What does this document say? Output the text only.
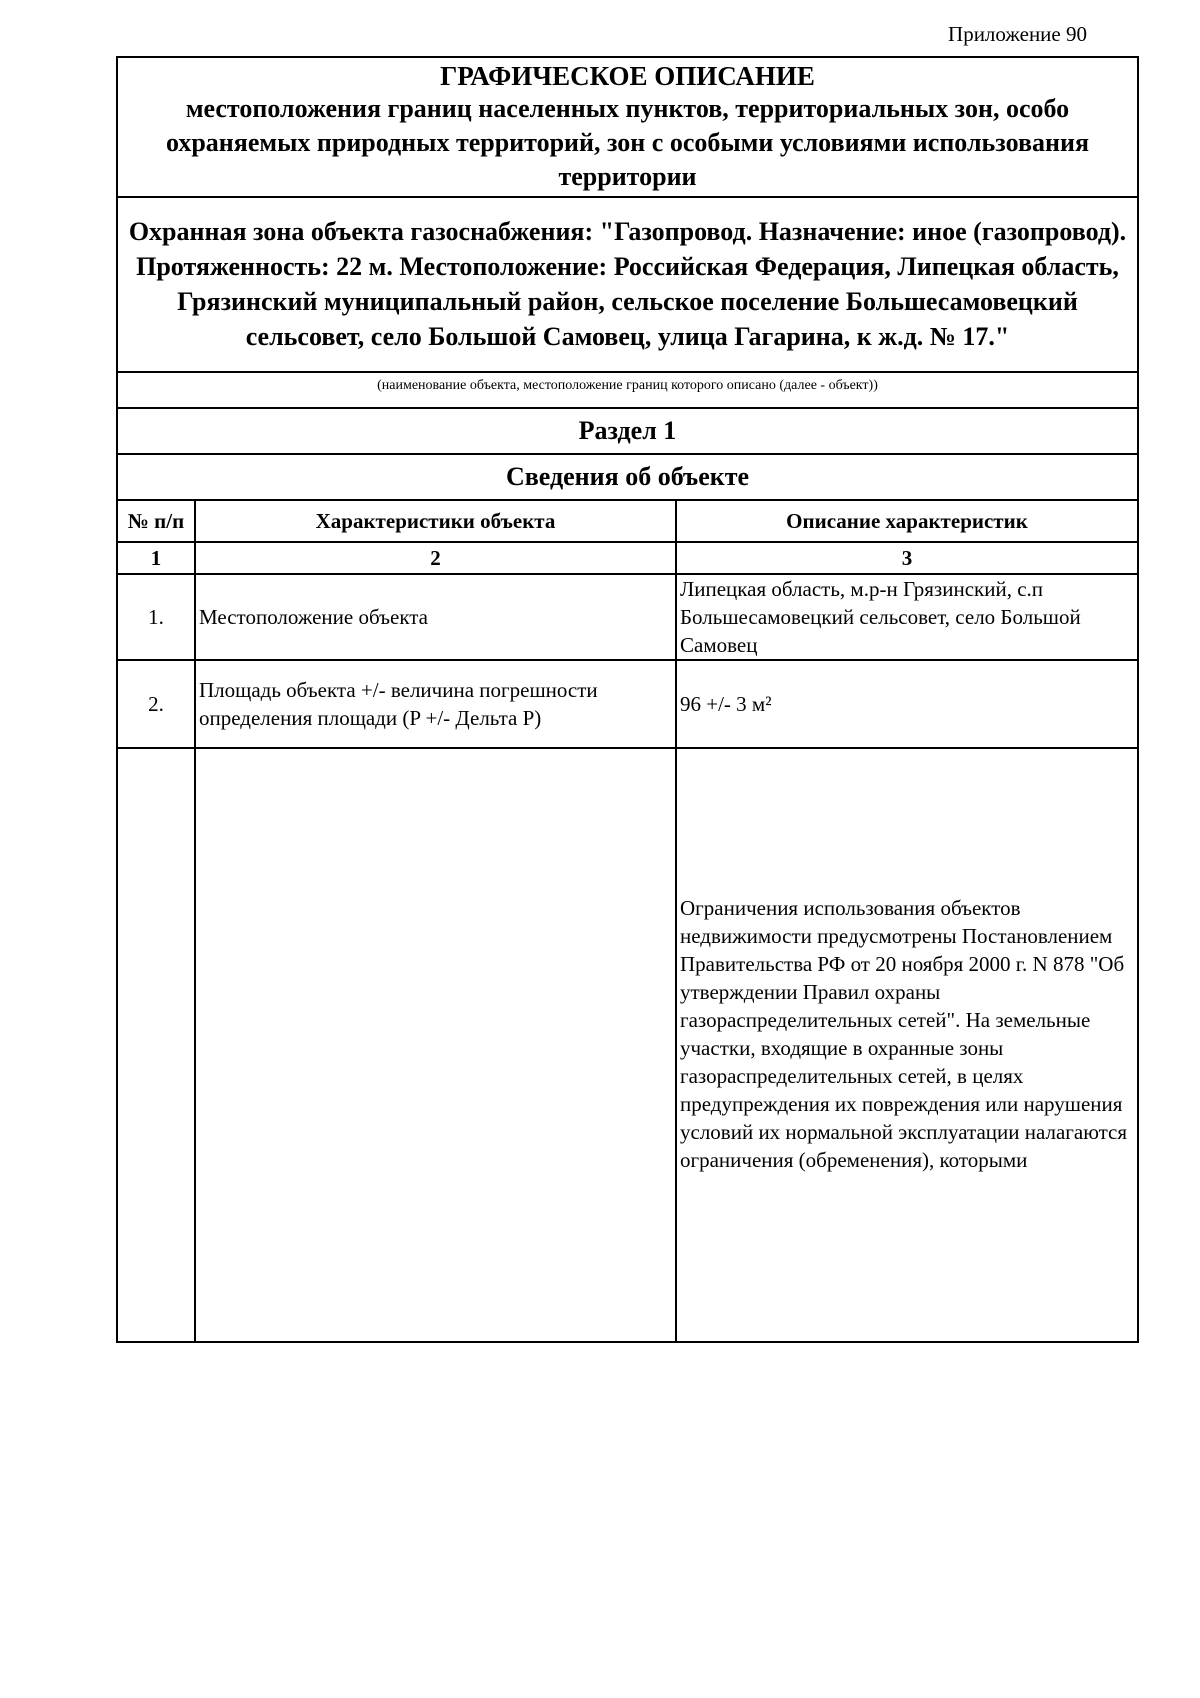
Приложение 90
ГРАФИЧЕСКОЕ ОПИСАНИЕ
местоположения границ населенных пунктов, территориальных зон, особо охраняемых природных территорий, зон с особыми условиями использования территории
Охранная зона объекта газоснабжения: "Газопровод. Назначение: иное (газопровод). Протяженность: 22 м. Местоположение: Российская Федерация, Липецкая область, Грязинский муниципальный район, сельское поселение Большесамовецкий сельсовет, село Большой Самовец, улица Гагарина, к ж.д. № 17."
(наименование объекта, местоположение границ которого описано (далее - объект))
Раздел 1
Сведения об объекте
№ п/п	Характеристики объекта	Описание характеристик
1	2	3
1.	Местоположение объекта	Липецкая область, м.р-н Грязинский, с.п Большесамовецкий сельсовет, село Большой Самовец
2.	Площадь объекта +/- величина погрешности определения площади (P +/- Дельта P)	96 +/- 3 м²
		Ограничения использования объектов недвижимости предусмотрены Постановлением Правительства РФ от 20 ноября 2000 г. N 878 "Об утверждении Правил охраны газораспределительных сетей". На земельные участки, входящие в охранные зоны газораспределительных сетей, в целях предупреждения их повреждения или нарушения условий их нормальной эксплуатации налагаются ограничения (обременения), которыми
